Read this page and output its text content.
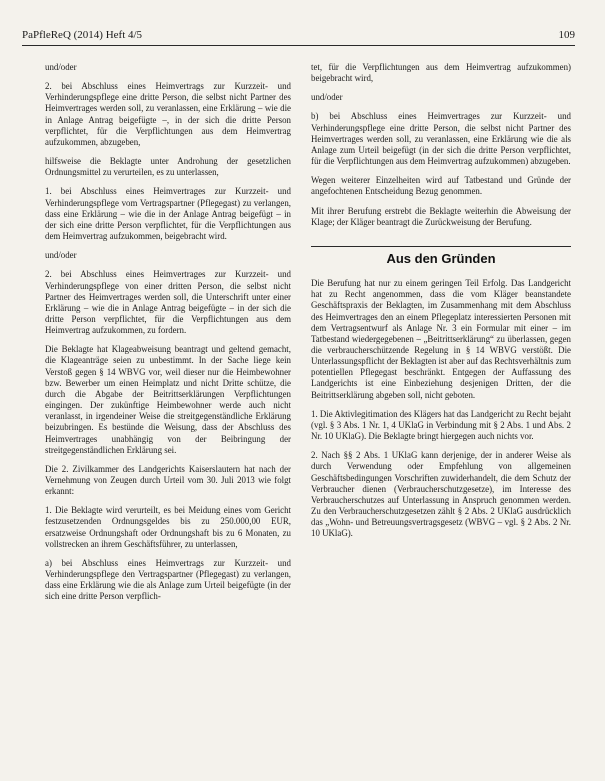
PaPfleReQ (2014) Heft 4/5	109

und/oder

2. bei Abschluss eines Heimvertrags zur Kurzzeit- und Verhinderungspflege eine dritte Person, die selbst nicht Partner des Heimvertrages werden soll, zu veranlassen, eine Erklärung – wie die in Anlage Antrag beigefügte –, in der sich die dritte Person verpflichtet, für die Verpflichtungen aus dem Heimvertrag aufzukommen, abzugeben,

hilfsweise die Beklagte unter Androhung der gesetzlichen Ordnungsmittel zu verurteilen, es zu unterlassen,

1. bei Abschluss eines Heimvertrages zur Kurzzeit- und Verhinderungspflege vom Vertragspartner (Pflegegast) zu verlangen, dass eine Erklärung – wie die in der Anlage Antrag beigefügt – in der sich eine dritte Person verpflichtet, für die Verpflichtungen aus dem Heimvertrag aufzukommen, beigebracht wird.

und/oder

2. bei Abschluss eines Heimvertrages zur Kurzzeit- und Verhinderungspflege von einer dritten Person, die selbst nicht Partner des Heimvertrages werden soll, die Unterschrift unter einer Erklärung – wie die in Anlage Antrag beigefügte – in der sich die dritte Person verpflichtet, für die Verpflichtungen aus dem Heimvertrag aufzukommen, zu fordern.

Die Beklagte hat Klageabweisung beantragt und geltend gemacht, die Klageanträge seien zu unbestimmt. In der Sache liege kein Verstoß gegen § 14 WBVG vor, weil dieser nur die Heimbewohner bzw. Bewerber um einen Heimplatz und nicht Dritte schütze, die durch die Abgabe der Beitrittserklärungen Verpflichtungen eingingen. Der zukünftige Heimbewohner werde auch nicht veranlasst, in irgendeiner Weise die streitgegenständliche Erklärung beizubringen. Es bestünde die Weisung, dass der Abschluss des Heimvertrages unabhängig von der Beibringung der streitgegenständlichen Erklärung sei.

Die 2. Zivilkammer des Landgerichts Kaiserslautern hat nach der Vernehmung von Zeugen durch Urteil vom 30. Juli 2013 wie folgt erkannt:

1. Die Beklagte wird verurteilt, es bei Meidung eines vom Gericht festzusetzenden Ordnungsgeldes bis zu 250.000,00 EUR, ersatzweise Ordnungshaft oder Ordnungshaft bis zu 6 Monaten, zu vollstrecken an ihrem Geschäftsführer, zu unterlassen,

a) bei Abschluss eines Heimvertrags zur Kurzzeit- und Verhinderungspflege den Vertragspartner (Pflegegast) zu verlangen, dass eine Erklärung wie die als Anlage zum Urteil beigefügte (in der sich eine dritte Person verpflich-

tet, für die Verpflichtungen aus dem Heimvertrag aufzukommen) beigebracht wird,

und/oder

b) bei Abschluss eines Heimvertrages zur Kurzzeit- und Verhinderungspflege eine dritte Person, die selbst nicht Partner des Heimvertrages werden soll, zu veranlassen, eine Erklärung wie die als Anlage zum Urteil beigefügt (in der sich die dritte Person verpflichtet, für die Verpflichtungen aus dem Heimvertrag aufzukommen) abzugeben.

Wegen weiterer Einzelheiten wird auf Tatbestand und Gründe der angefochtenen Entscheidung Bezug genommen.

Mit ihrer Berufung erstrebt die Beklagte weiterhin die Abweisung der Klage; der Kläger beantragt die Zurückweisung der Berufung.

Aus den Gründen

Die Berufung hat nur zu einem geringen Teil Erfolg. Das Landgericht hat zu Recht angenommen, dass die vom Kläger beanstandete Geschäftspraxis der Beklagten, im Zusammenhang mit dem Abschluss des Heimvertrages den an einem Pflegeplatz interessierten Personen mit dem Vertragsentwurf als Anlage Nr. 3 ein Formular mit einer – im Tatbestand wiedergegebenen – „Beitrittserklärung“ zu überlassen, gegen die verbraucherschützende Regelung in § 14 WBVG verstößt. Die Unterlassungspflicht der Beklagten ist aber auf das Rechtsverhältnis zum potentiellen Pflegegast beschränkt. Entgegen der Auffassung des Landgerichts ist eine Einbeziehung desjenigen Dritten, der die Beitrittserklärung abgeben soll, nicht geboten.

1. Die Aktivlegitimation des Klägers hat das Landgericht zu Recht bejaht (vgl. § 3 Abs. 1 Nr. 1, 4 UKlaG in Verbindung mit § 2 Abs. 1 und Abs. 2 Nr. 10 UKlaG). Die Beklagte bringt hiergegen auch nichts vor.

2. Nach §§ 2 Abs. 1 UKlaG kann derjenige, der in anderer Weise als durch Verwendung oder Empfehlung von allgemeinen Geschäftsbedingungen Vorschriften zuwiderhandelt, die dem Schutz der Verbraucher dienen (Verbraucherschutzgesetze), im Interesse des Verbraucherschutzes auf Unterlassung in Anspruch genommen werden. Zu den Verbraucherschutzgesetzen zählt § 2 Abs. 2 UKlaG ausdrücklich das „Wohn- und Betreuungsvertragsgesetz (WBVG – vgl. § 2 Abs. 2 Nr. 10 UKlaG).
